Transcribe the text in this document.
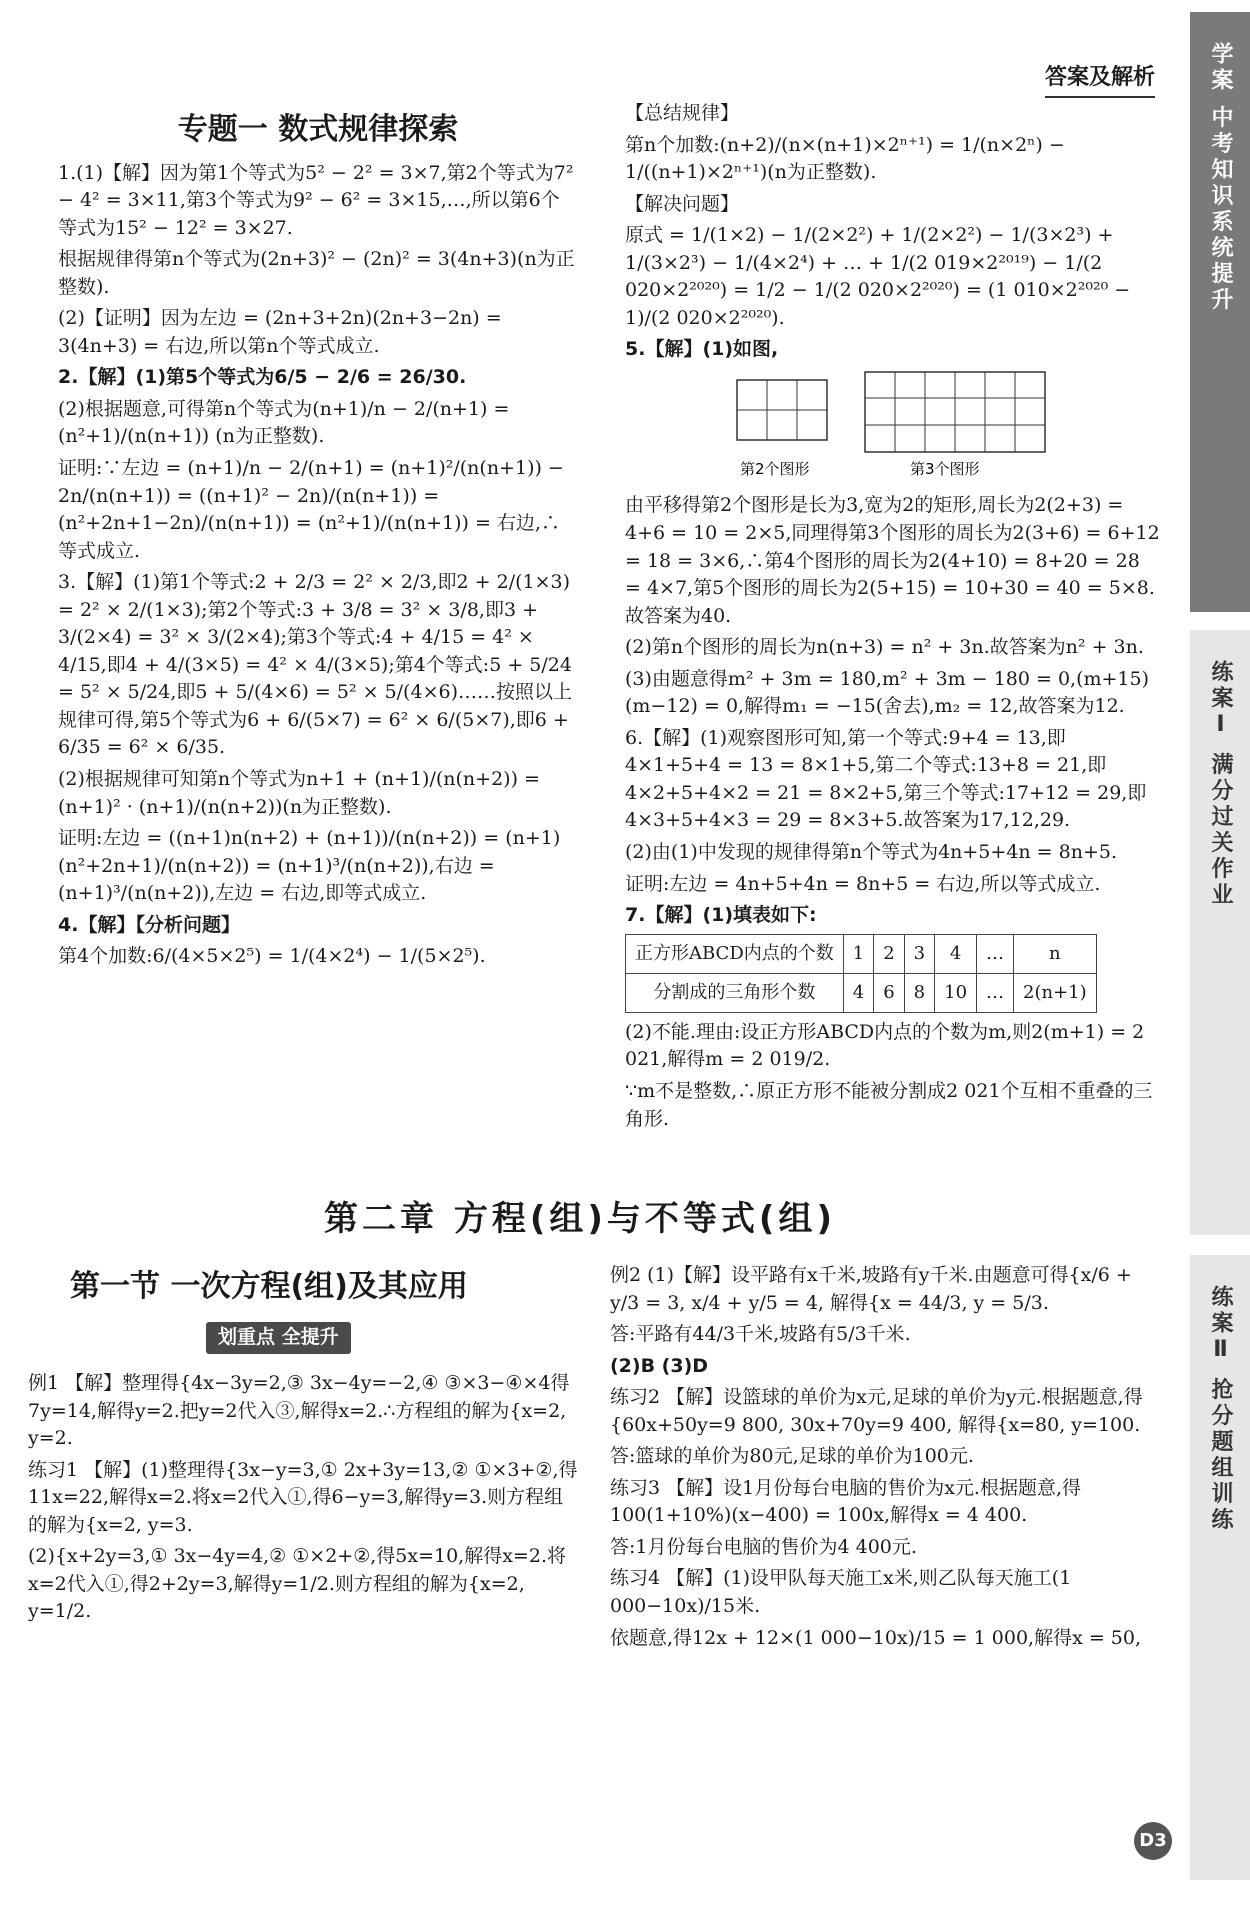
答案及解析	学案 中考知识系统提升
练案Ⅰ 满分过关作业
练案Ⅱ 抢分题组训练

专题一 数式规律探索

1.(1)【解】因为第1个等式为5² − 2² = 3×7,第2个等式为7² − 4² = 3×11,第3个等式为9² − 6² = 3×15,…,所以第6个等式为15² − 12² = 3×27.

根据规律得第n个等式为(2n+3)² − (2n)² = 3(4n+3)(n为正整数).

(2)【证明】因为左边 = (2n+3+2n)(2n+3−2n) = 3(4n+3) = 右边,所以第n个等式成立.

2.【解】(1)第5个等式为6/5 − 2/6 = 26/30.

(2)根据题意,可得第n个等式为(n+1)/n − 2/(n+1) = (n²+1)/(n(n+1)) (n为正整数).

证明:∵左边 = (n+1)/n − 2/(n+1) = (n+1)²/(n(n+1)) − 2n/(n(n+1)) = ((n+1)² − 2n)/(n(n+1)) = (n²+2n+1−2n)/(n(n+1)) = (n²+1)/(n(n+1)) = 右边,∴等式成立.

3.【解】(1)第1个等式:2 + 2/3 = 2² × 2/3,即2 + 2/(1×3) = 2² × 2/(1×3);第2个等式:3 + 3/8 = 3² × 3/8,即3 + 3/(2×4) = 3² × 3/(2×4);第3个等式:4 + 4/15 = 4² × 4/15,即4 + 4/(3×5) = 4² × 4/(3×5);第4个等式:5 + 5/24 = 5² × 5/24,即5 + 5/(4×6) = 5² × 5/(4×6)……按照以上规律可得,第5个等式为6 + 6/(5×7) = 6² × 6/(5×7),即6 + 6/35 = 6² × 6/35.

(2)根据规律可知第n个等式为n+1 + (n+1)/(n(n+2)) = (n+1)² · (n+1)/(n(n+2))(n为正整数).

证明:左边 = ((n+1)n(n+2) + (n+1))/(n(n+2)) = (n+1)(n²+2n+1)/(n(n+2)) = (n+1)³/(n(n+2)),右边 = (n+1)³/(n(n+2)),左边 = 右边,即等式成立.

4.【解】【分析问题】

第4个加数:6/(4×5×2⁵) = 1/(4×2⁴) − 1/(5×2⁵).

【总结规律】

第n个加数:(n+2)/(n×(n+1)×2ⁿ⁺¹) = 1/(n×2ⁿ) − 1/((n+1)×2ⁿ⁺¹)(n为正整数).

【解决问题】

原式 = 1/(1×2) − 1/(2×2²) + 1/(2×2²) − 1/(3×2³) + 1/(3×2³) − 1/(4×2⁴) + … + 1/(2 019×2²⁰¹⁹) − 1/(2 020×2²⁰²⁰) = 1/2 − 1/(2 020×2²⁰²⁰) = (1 010×2²⁰²⁰ − 1)/(2 020×2²⁰²⁰).

5.【解】(1)如图,

第2个图形	第3个图形

由平移得第2个图形是长为3,宽为2的矩形,周长为2(2+3) = 4+6 = 10 = 2×5,同理得第3个图形的周长为2(3+6) = 6+12 = 18 = 3×6,∴第4个图形的周长为2(4+10) = 8+20 = 28 = 4×7,第5个图形的周长为2(5+15) = 10+30 = 40 = 5×8.故答案为40.

(2)第n个图形的周长为n(n+3) = n² + 3n.故答案为n² + 3n.

(3)由题意得m² + 3m = 180,m² + 3m − 180 = 0,(m+15)(m−12) = 0,解得m₁ = −15(舍去),m₂ = 12,故答案为12.

6.【解】(1)观察图形可知,第一个等式:9+4 = 13,即4×1+5+4 = 13 = 8×1+5,第二个等式:13+8 = 21,即4×2+5+4×2 = 21 = 8×2+5,第三个等式:17+12 = 29,即4×3+5+4×3 = 29 = 8×3+5.故答案为17,12,29.

(2)由(1)中发现的规律得第n个等式为4n+5+4n = 8n+5.

证明:左边 = 4n+5+4n = 8n+5 = 右边,所以等式成立.

7.【解】(1)填表如下:

正方形ABCD内点的个数	1	2	3	4	…	n
分割成的三角形个数	4	6	8	10	…	2(n+1)

(2)不能.理由:设正方形ABCD内点的个数为m,则2(m+1) = 2 021,解得m = 2 019/2.

∵m不是整数,∴原正方形不能被分割成2 021个互相不重叠的三角形.

第二章 方程(组)与不等式(组)
第一节 一次方程(组)及其应用
划重点 全提升

例1 【解】整理得{4x−3y=2,③ 3x−4y=−2,④ ③×3−④×4得7y=14,解得y=2.把y=2代入③,解得x=2.∴方程组的解为{x=2, y=2.

练习1 【解】(1)整理得{3x−y=3,① 2x+3y=13,② ①×3+②,得11x=22,解得x=2.将x=2代入①,得6−y=3,解得y=3.则方程组的解为{x=2, y=3.

(2){x+2y=3,① 3x−4y=4,② ①×2+②,得5x=10,解得x=2.将x=2代入①,得2+2y=3,解得y=1/2.则方程组的解为{x=2, y=1/2.

例2 (1)【解】设平路有x千米,坡路有y千米.由题意可得{x/6 + y/3 = 3, x/4 + y/5 = 4, 解得{x = 44/3, y = 5/3.

答:平路有44/3千米,坡路有5/3千米.

(2)B (3)D

练习2 【解】设篮球的单价为x元,足球的单价为y元.根据题意,得{60x+50y=9 800, 30x+70y=9 400, 解得{x=80, y=100.

答:篮球的单价为80元,足球的单价为100元.

练习3 【解】设1月份每台电脑的售价为x元.根据题意,得100(1+10%)(x−400) = 100x,解得x = 4 400.

答:1月份每台电脑的售价为4 400元.

练习4 【解】(1)设甲队每天施工x米,则乙队每天施工(1 000−10x)/15米.

依题意,得12x + 12×(1 000−10x)/15 = 1 000,解得x = 50,

D3
